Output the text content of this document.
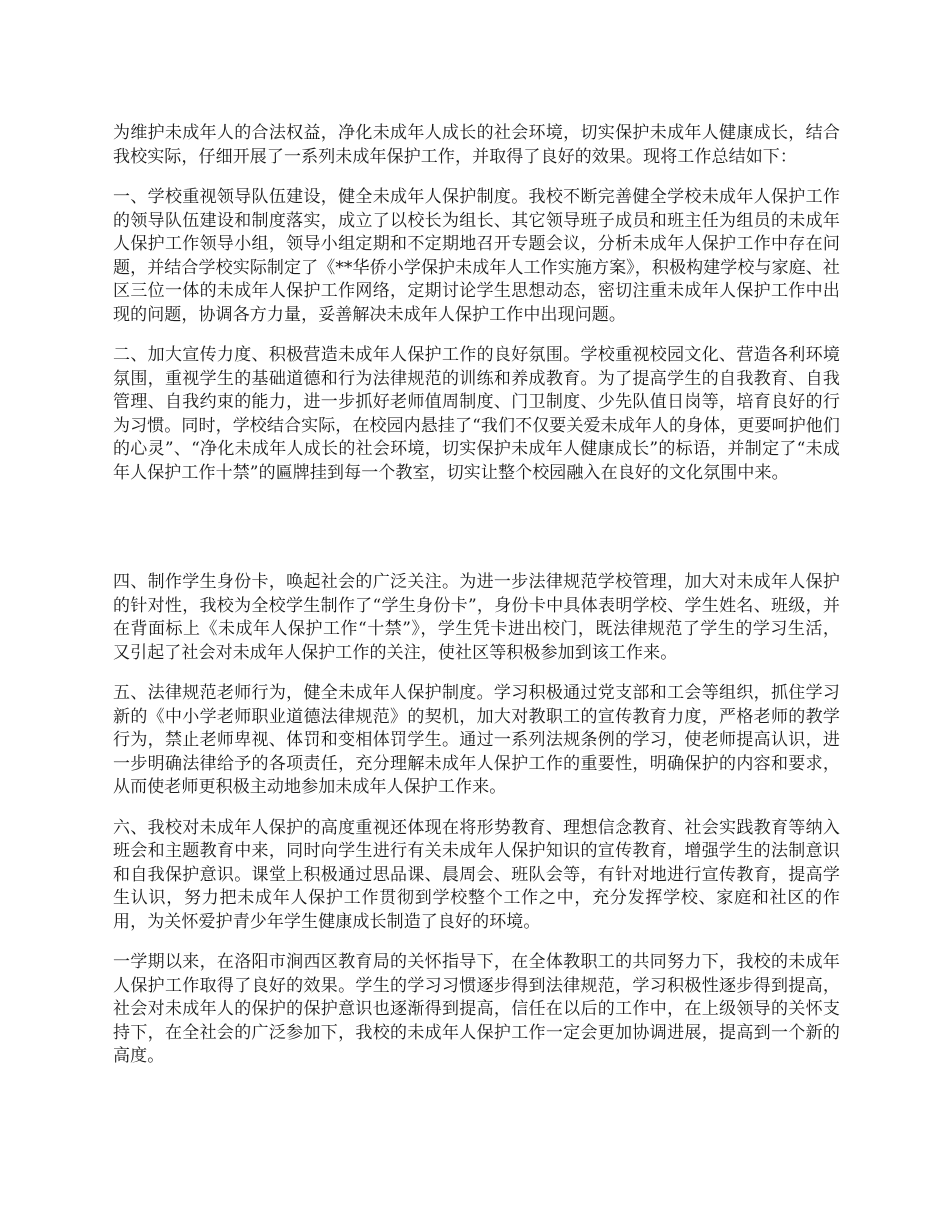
为维护未成年人的合法权益，净化未成年人成长的社会环境，切实保护未成年人健康成长，结合我校实际，仔细开展了一系列未成年保护工作，并取得了良好的效果。现将工作总结如下：

一、学校重视领导队伍建设，健全未成年人保护制度。我校不断完善健全学校未成年人保护工作的领导队伍建设和制度落实，成立了以校长为组长、其它领导班子成员和班主任为组员的未成年人保护工作领导小组，领导小组定期和不定期地召开专题会议，分析未成年人保护工作中存在问题，并结合学校实际制定了《**华侨小学保护未成年人工作实施方案》，积极构建学校与家庭、社区三位一体的未成年人保护工作网络，定期讨论学生思想动态，密切注重未成年人保护工作中出现的问题，协调各方力量，妥善解决未成年人保护工作中出现问题。

二、加大宣传力度、积极营造未成年人保护工作的良好氛围。学校重视校园文化、营造各利环境氛围，重视学生的基础道德和行为法律规范的训练和养成教育。为了提高学生的自我教育、自我管理、自我约束的能力，进一步抓好老师值周制度、门卫制度、少先队值日岗等，培育良好的行为习惯。同时，学校结合实际，在校园内悬挂了“我们不仅要关爱未成年人的身体，更要呵护他们的心灵”、“净化未成年人成长的社会环境，切实保护未成年人健康成长”的标语，并制定了“未成年人保护工作十禁”的匾牌挂到每一个教室，切实让整个校园融入在良好的文化氛围中来。

四、制作学生身份卡，唤起社会的广泛关注。为进一步法律规范学校管理，加大对未成年人保护的针对性，我校为全校学生制作了“学生身份卡”，身份卡中具体表明学校、学生姓名、班级，并在背面标上《未成年人保护工作“十禁”》，学生凭卡进出校门，既法律规范了学生的学习生活，又引起了社会对未成年人保护工作的关注，使社区等积极参加到该工作来。

五、法律规范老师行为，健全未成年人保护制度。学习积极通过党支部和工会等组织，抓住学习新的《中小学老师职业道德法律规范》的契机，加大对教职工的宣传教育力度，严格老师的教学行为，禁止老师卑视、体罚和变相体罚学生。通过一系列法规条例的学习，使老师提高认识，进一步明确法律给予的各项责任，充分理解未成年人保护工作的重要性，明确保护的内容和要求，从而使老师更积极主动地参加未成年人保护工作来。

六、我校对未成年人保护的高度重视还体现在将形势教育、理想信念教育、社会实践教育等纳入班会和主题教育中来，同时向学生进行有关未成年人保护知识的宣传教育，增强学生的法制意识和自我保护意识。课堂上积极通过思品课、晨周会、班队会等，有针对地进行宣传教育，提高学生认识，努力把未成年人保护工作贯彻到学校整个工作之中，充分发挥学校、家庭和社区的作用，为关怀爱护青少年学生健康成长制造了良好的环境。

一学期以来，在洛阳市涧西区教育局的关怀指导下，在全体教职工的共同努力下，我校的未成年人保护工作取得了良好的效果。学生的学习习惯逐步得到法律规范，学习积极性逐步得到提高，社会对未成年人的保护的保护意识也逐渐得到提高，信任在以后的工作中，在上级领导的关怀支持下，在全社会的广泛参加下，我校的未成年人保护工作一定会更加协调进展，提高到一个新的高度。
